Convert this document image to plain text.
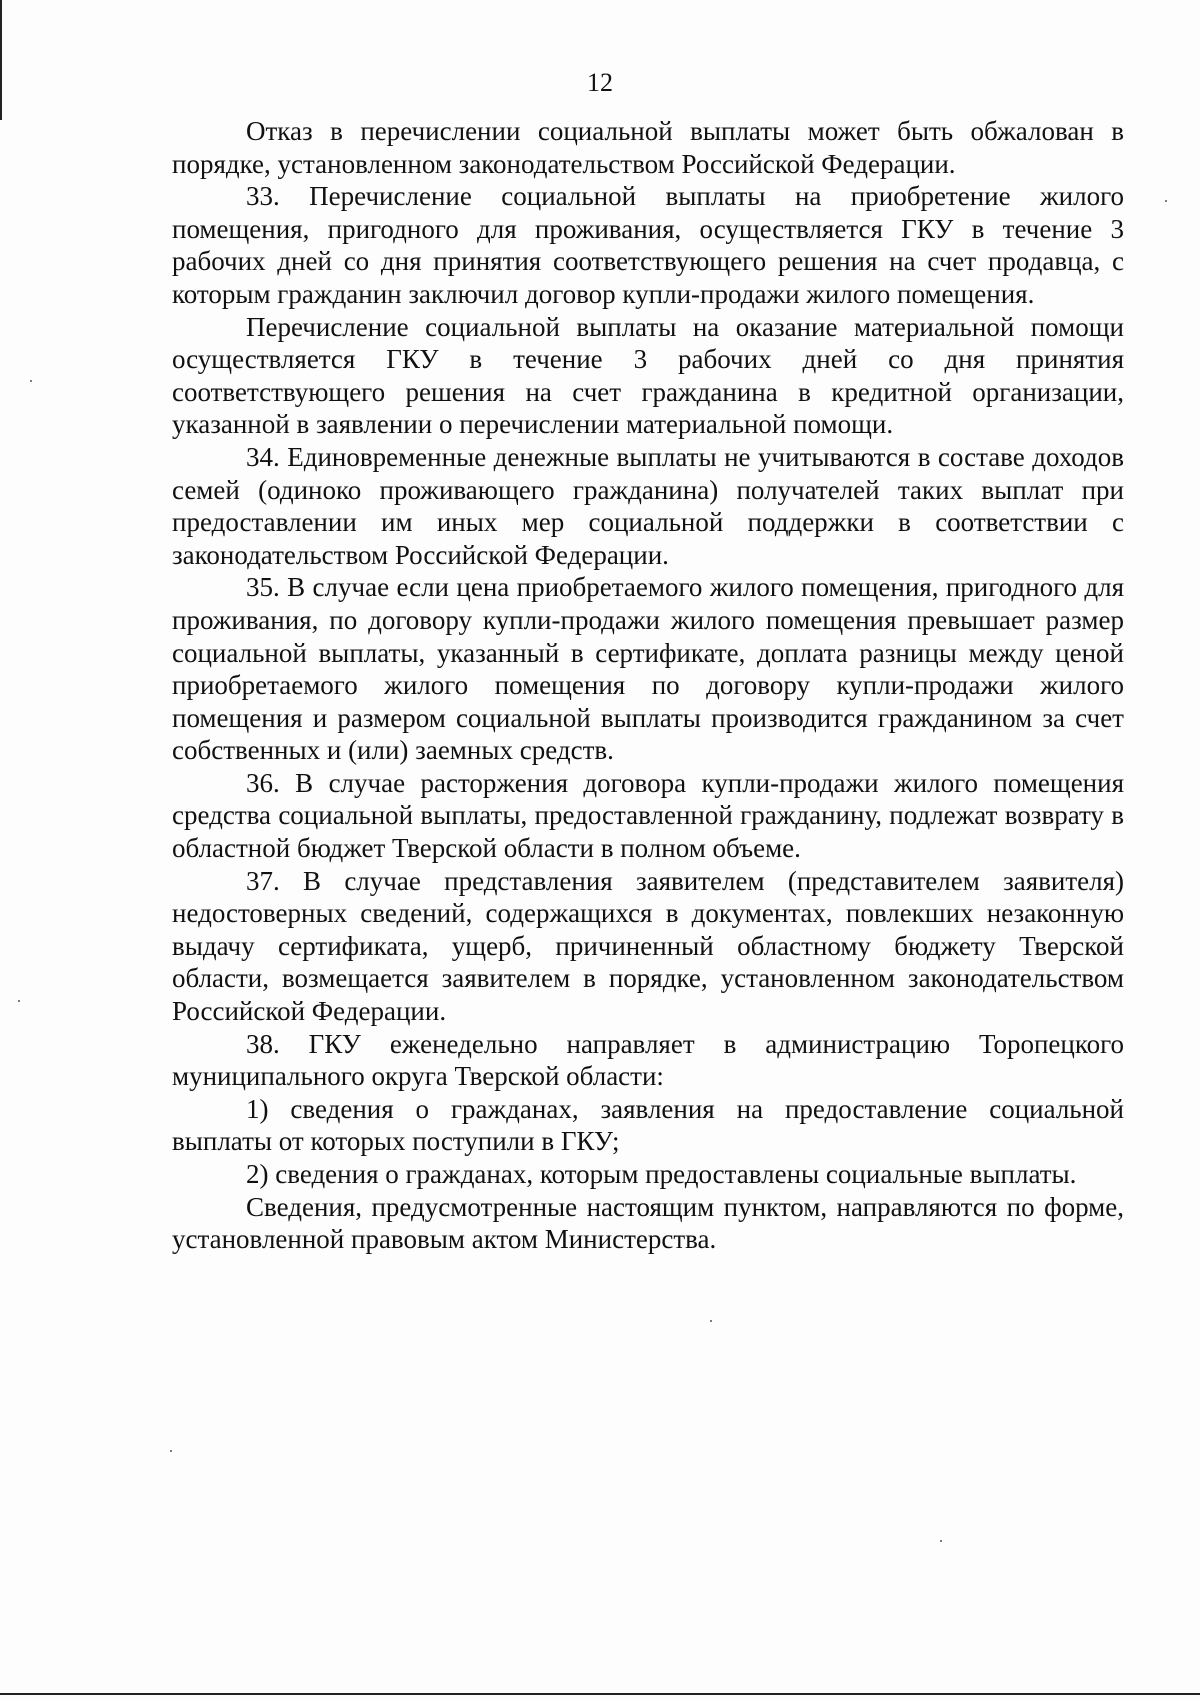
12

Отказ в перечислении социальной выплаты может быть обжалован в порядке, установленном законодательством Российской Федерации.

33. Перечисление социальной выплаты на приобретение жилого помещения, пригодного для проживания, осуществляется ГКУ в течение 3 рабочих дней со дня принятия соответствующего решения на счет продавца, с которым гражданин заключил договор купли-продажи жилого помещения.

Перечисление социальной выплаты на оказание материальной помощи осуществляется ГКУ в течение 3 рабочих дней со дня принятия соответствующего решения на счет гражданина в кредитной организации, указанной в заявлении о перечислении материальной помощи.

34. Единовременные денежные выплаты не учитываются в составе доходов семей (одиноко проживающего гражданина) получателей таких выплат при предоставлении им иных мер социальной поддержки в соответствии с законодательством Российской Федерации.

35. В случае если цена приобретаемого жилого помещения, пригодного для проживания, по договору купли-продажи жилого помещения превышает размер социальной выплаты, указанный в сертификате, доплата разницы между ценой приобретаемого жилого помещения по договору купли-продажи жилого помещения и размером социальной выплаты производится гражданином за счет собственных и (или) заемных средств.

36. В случае расторжения договора купли-продажи жилого помещения средства социальной выплаты, предоставленной гражданину, подлежат возврату в областной бюджет Тверской области в полном объеме.

37. В случае представления заявителем (представителем заявителя) недостоверных сведений, содержащихся в документах, повлекших незаконную выдачу сертификата, ущерб, причиненный областному бюджету Тверской области, возмещается заявителем в порядке, установленном законодательством Российской Федерации.

38. ГКУ еженедельно направляет в администрацию Торопецкого муниципального округа Тверской области:

1) сведения о гражданах, заявления на предоставление социальной выплаты от которых поступили в ГКУ;

2) сведения о гражданах, которым предоставлены социальные выплаты.

Сведения, предусмотренные настоящим пунктом, направляются по форме, установленной правовым актом Министерства.
